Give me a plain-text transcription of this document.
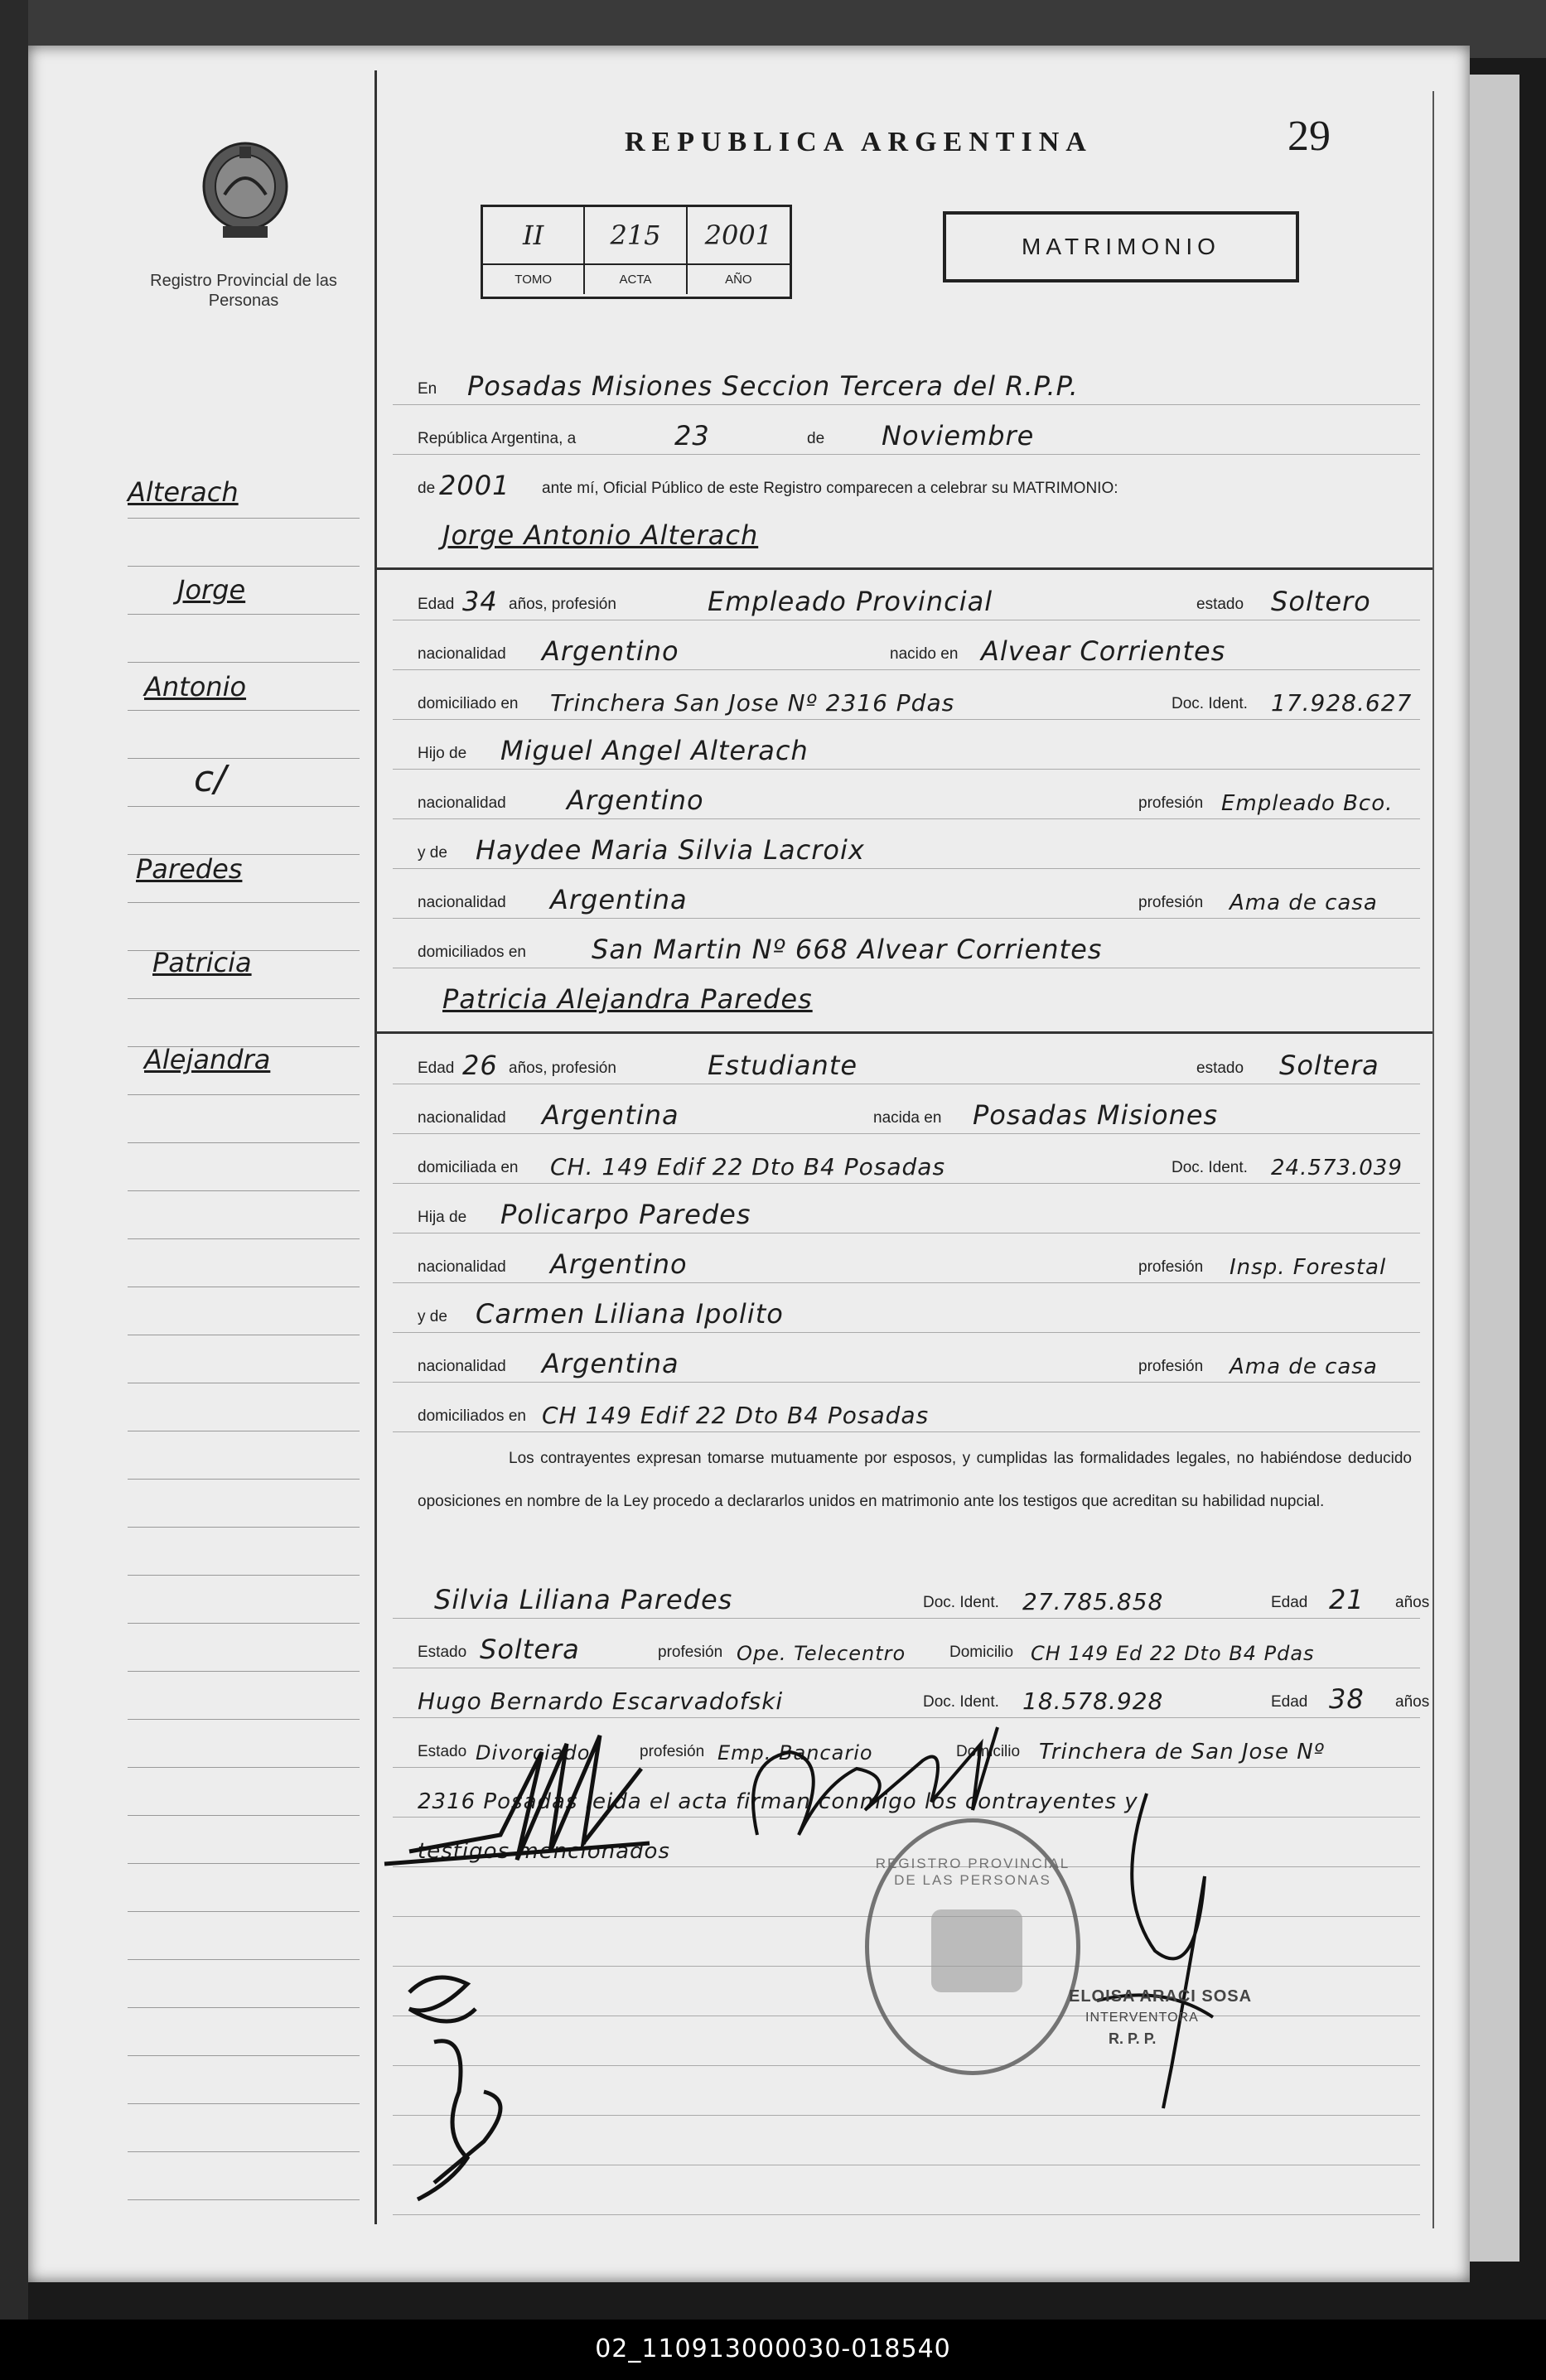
Alterach
Jorge
Antonio
c/
Paredes
Patricia
Alejandra
Registro Provincial de las Personas
REPUBLICA ARGENTINA	29
II	215	2001
TOMO	ACTA	AÑO
MATRIMONIO
En Posadas Misiones Seccion Tercera del R.P.P.
República Argentina, a	23	de Noviembre
de 2001 ante mí, Oficial Público de este Registro comparecen a celebrar su MATRIMONIO:
Jorge Antonio Alterach
Edad 34 años, profesión	Empleado Provincial	estado Soltero
nacionalidad Argentino	nacido en Alvear Corrientes
domiciliado en Trinchera San Jose Nº 2316 Pdas	Doc. Ident. 17.928.627
Hijo de Miguel Angel Alterach
nacionalidad Argentino	profesión Empleado Bco.
y de Haydee Maria Silvia Lacroix
nacionalidad Argentina	profesión Ama de casa
domiciliados en San Martin Nº 668 Alvear Corrientes
Patricia Alejandra Paredes
Edad 26 años, profesión	Estudiante	estado Soltera
nacionalidad Argentina	nacida en Posadas Misiones
domiciliada en CH. 149 Edif 22 Dto B4 Posadas	Doc. Ident. 24.573.039
Hija de Policarpo Paredes
nacionalidad Argentino	profesión Insp. Forestal
y de Carmen Liliana Ipolito
nacionalidad Argentina	profesión Ama de casa
domiciliados en CH 149 Edif 22 Dto B4 Posadas
Los contrayentes expresan tomarse mutuamente por esposos, y cumplidas las formalidades legales, no habiéndose deducido oposiciones en nombre de la Ley procedo a declararlos unidos en matrimonio ante los testigos que acreditan su habilidad nupcial.
Silvia Liliana Paredes	Doc. Ident. 27.785.858	Edad 21 años
Estado Soltera	profesión Ope. Telecentro	Domicilio CH 149 Ed 22 Dto B4 Pdas
Hugo Bernardo Escarvadofski	Doc. Ident. 18.578.928	Edad 38 años
Estado Divorciado	profesión Emp. Bancario	Domicilio Trinchera de San Jose Nº
2316 Posadas leida el acta firman conmigo los contrayentes y
testigos mencionados	REGISTRO PROVINCIAL DE LAS PERSONAS
ELOISA ARACI SOSA
INTERVENTORA
R. P. P.
02_110913000030-018540
